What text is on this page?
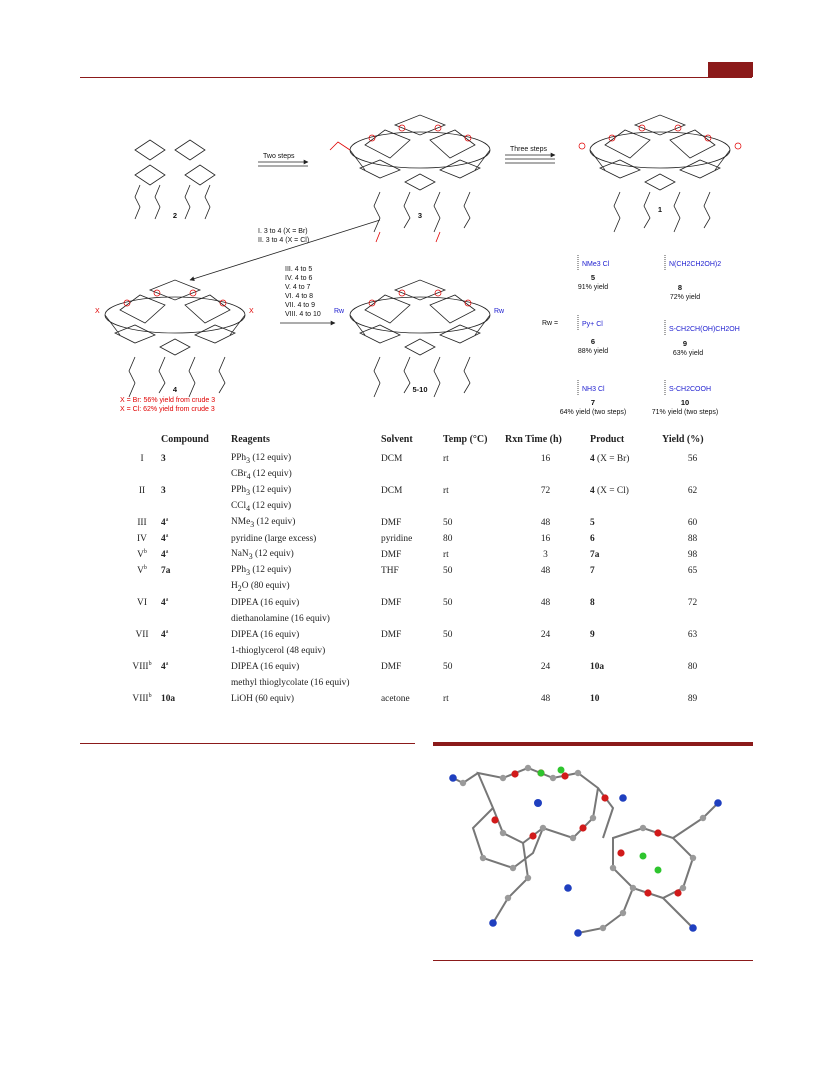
2
Two steps
3
Three steps
1
I. 3 to 4 (X = Br)
II. 3 to 4 (X = Cl)
X	X
4
X = Br: 56% yield from crude 3
X = Cl: 62% yield from crude 3
III. 4 to 5
IV. 4 to 6
V. 4 to 7
VI. 4 to 8
VII. 4 to 9
VIII. 4 to 10 Rw	Rw
5-10
Rw =
NMe3 Cl
5
91% yield
N(CH2CH2OH)2
8
72% yield
Py+ Cl
6
88% yield
S-CH2CH(OH)CH2OH
9
63% yield
NH3 Cl
7
64% yield (two steps)
S-CH2COOH
10
71% yield (two steps)
	Compound	Reagents	Solvent	Temp (°C)	Rxn Time (h)	Product	Yield (%)
I	3	PPh$_3$ (12 equiv)	DCM	rt	16	4 (X = Br)	56
		CBr$_4$ (12 equiv)					
II	3	PPh$_3$ (12 equiv)	DCM	rt	72	4 (X = Cl)	62
		CCl$_4$ (12 equiv)					
III	4$^a$	NMe$_3$ (12 equiv)	DMF	50	48	5	60
IV	4$^a$	pyridine (large excess)	pyridine	80	16	6	88
$V^b$	4$^a$	NaN$_3$ (12 equiv)	DMF	rt	3	7a	98
$V^b$	7a	PPh$_3$ (12 equiv)	THF	50	48	7	65
		$H_2O$ (80 equiv)					
VI	4$^a$	DIPEA (16 equiv)	DMF	50	48	8	72
		diethanolamine (16 equiv)					
VII	4$^a$	DIPEA (16 equiv)	DMF	50	24	9	63
		1-thioglycerol (48 equiv)					
VIII$^b$	4$^a$	DIPEA (16 equiv)	DMF	50	24	10a	80
		methyl thioglycolate (16 equiv)					
VIII$^b$	10a	LiOH (60 equiv)	acetone	rt	48	10	89
